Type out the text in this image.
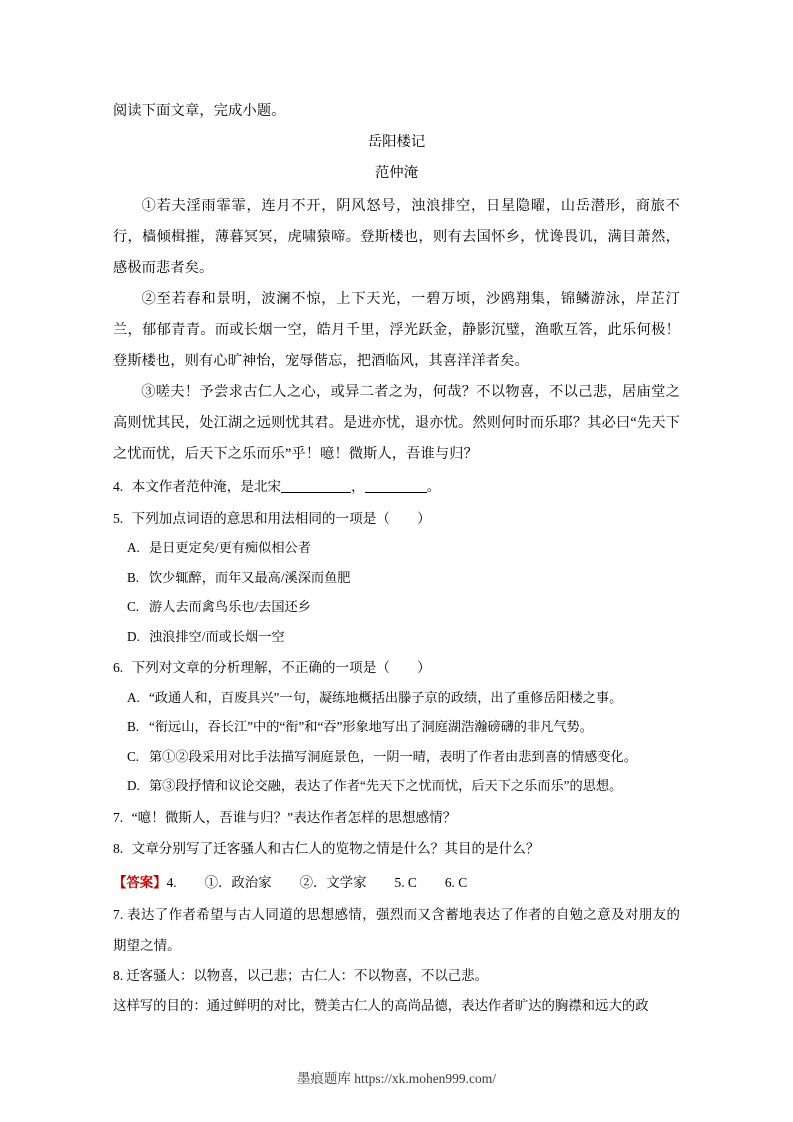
阅读下面文章，完成小题。
岳阳楼记
范仲淹
①若夫淫雨霏霏，连月不开，阴风怒号，浊浪排空，日星隐曜，山岳潜形，商旅不行，樯倾楫摧，薄暮冥冥，虎啸猿啼。登斯楼也，则有去国怀乡，忧谗畏讥，满目萧然，感极而悲者矣。
②至若春和景明，波澜不惊，上下天光，一碧万顷，沙鸥翔集，锦鳞游泳，岸芷汀兰，郁郁青青。而或长烟一空，皓月千里，浮光跃金，静影沉璧，渔歌互答，此乐何极！登斯楼也，则有心旷神怡，宠辱偕忘，把酒临风，其喜洋洋者矣。
③嗟夫！予尝求古仁人之心，或异二者之为，何哉？不以物喜，不以己悲，居庙堂之高则忧其民，处江湖之远则忧其君。是进亦忧，退亦忧。然则何时而乐耶？其必曰“先天下之忧而忧，后天下之乐而乐”乎！噫！微斯人，吾谁与归？
4. 本文作者范仲淹，是北宋	，	。
5. 下列加点词语的意思和用法相同的一项是（　　）
A. 是日更定矣/更有痴似相公者
B. 饮少辄醉，而年又最高/溪深而鱼肥
C. 游人去而禽鸟乐也/去国还乡
D. 浊浪排空/而或长烟一空
6. 下列对文章的分析理解，不正确的一项是（　　）
A. “政通人和，百废具兴”一句，凝练地概括出滕子京的政绩，出了重修岳阳楼之事。
B. “衔远山，吞长江”中的“衔”和“吞”形象地写出了洞庭湖浩瀚磅礴的非凡气势。
C. 第①②段采用对比手法描写洞庭景色，一阴一晴，表明了作者由悲到喜的情感变化。
D. 第③段抒情和议论交融，表达了作者“先天下之忧而忧，后天下之乐而乐”的思想。
7. “噫！微斯人，吾谁与归？”表达作者怎样的思想感情？
8. 文章分别写了迁客骚人和古仁人的览物之情是什么？其目的是什么？
【答案】4. ①．政治家 ②．文学家 5. C 6. C
7. 表达了作者希望与古人同道的思想感情，强烈而又含蓄地表达了作者的自勉之意及对朋友的期望之情。
8. 迁客骚人：以物喜，以己悲；古仁人：不以物喜，不以己悲。
这样写的目的：通过鲜明的对比，赞美古仁人的高尚品德，表达作者旷达的胸襟和远大的政
墨痕题库 https://xk.mohen999.com/
